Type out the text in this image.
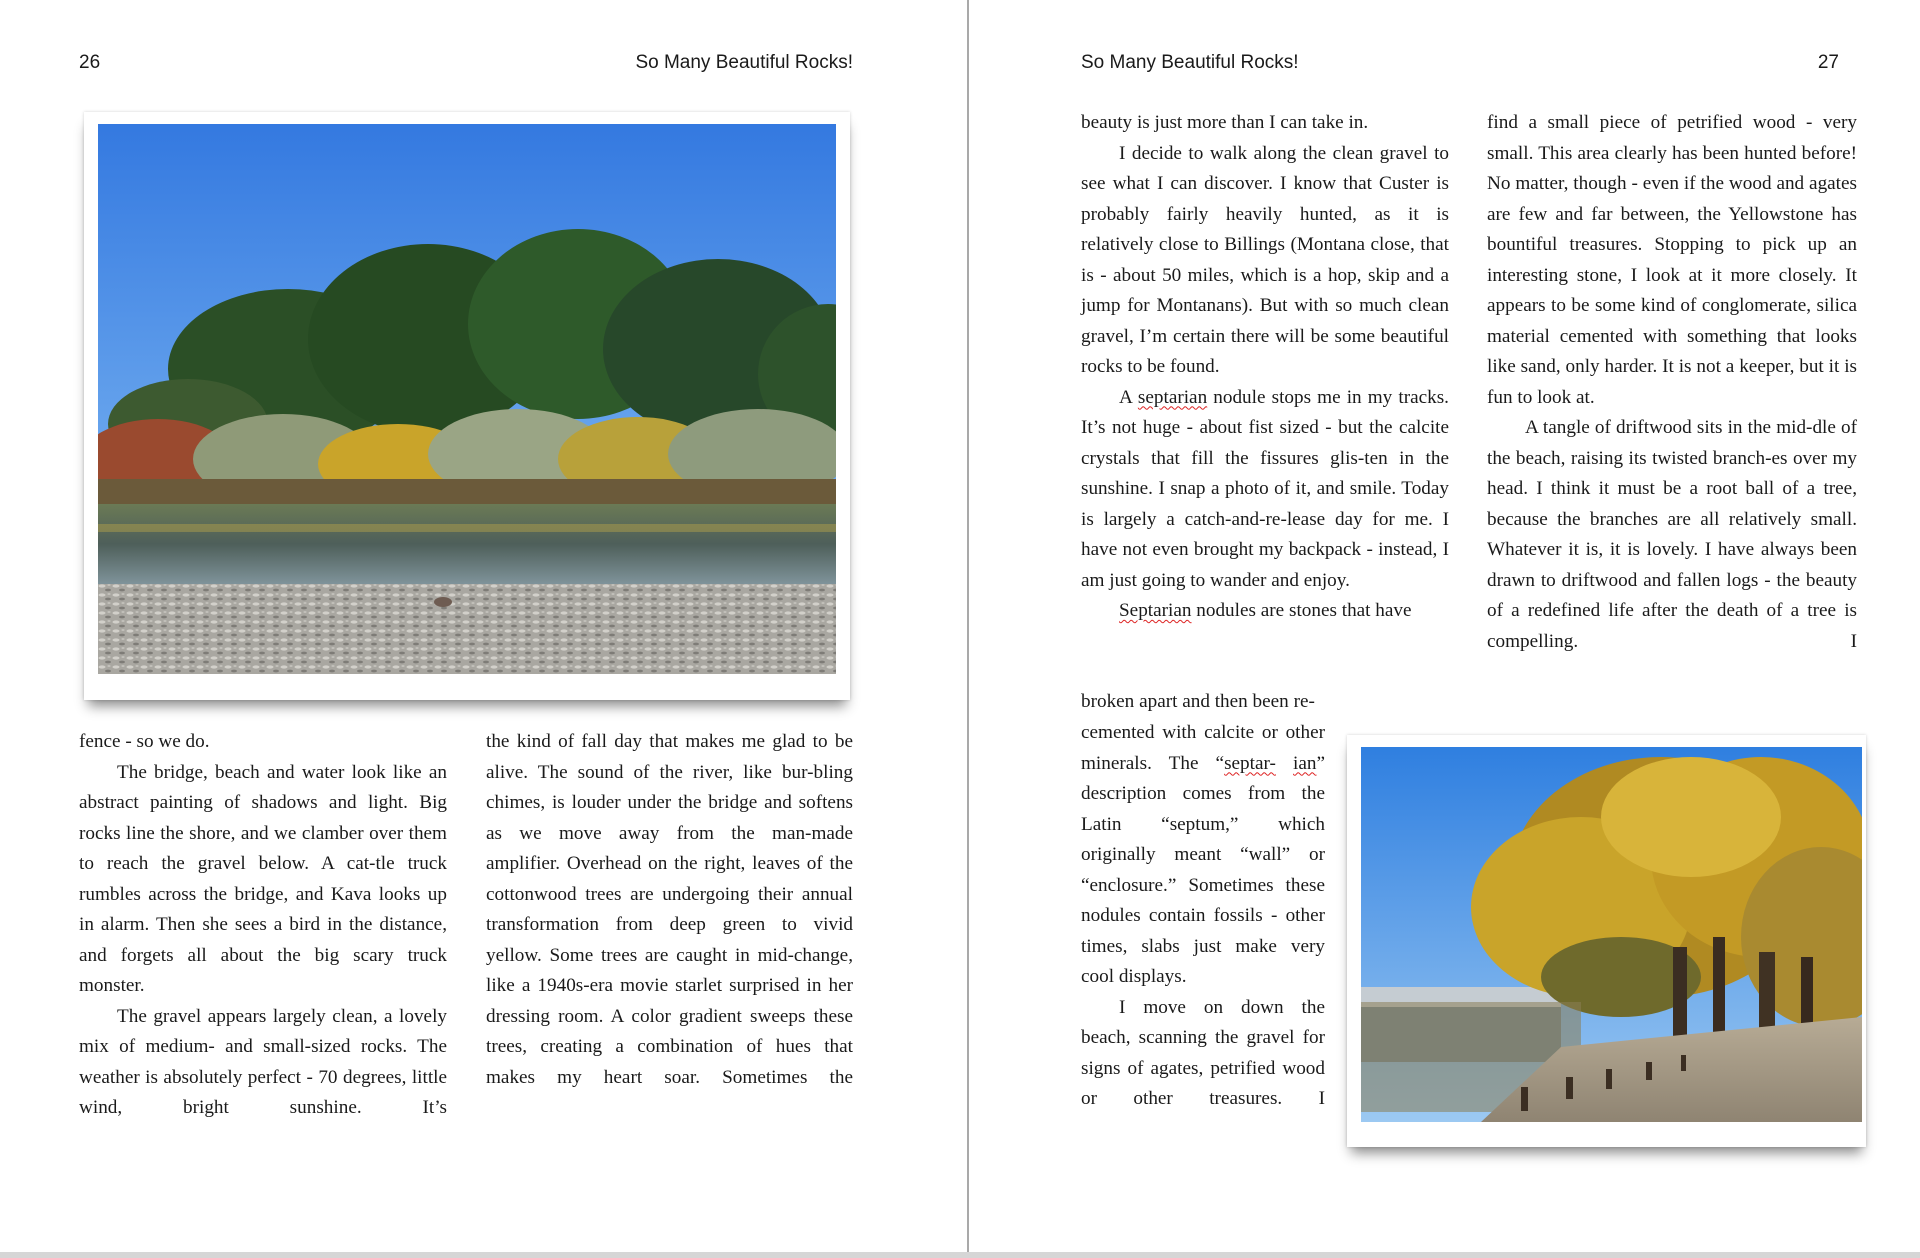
26	So Many Beautiful Rocks!

fence - so we do.

The bridge, beach and water look like an abstract painting of shadows and light. Big rocks line the shore, and we clamber over them to reach the gravel below. A cat-tle truck rumbles across the bridge, and Kava looks up in alarm. Then she sees a bird in the distance, and forgets all about the big scary truck monster.

The gravel appears largely clean, a lovely mix of medium- and small-sized rocks. The weather is absolutely perfect - 70 degrees, little wind, bright sunshine. It’s

the kind of fall day that makes me glad to be alive. The sound of the river, like bur-bling chimes, is louder under the bridge and softens as we move away from the man-made amplifier. Overhead on the right, leaves of the cottonwood trees are undergoing their annual transformation from deep green to vivid yellow. Some trees are caught in mid-change, like a 1940s-era movie starlet surprised in her dressing room. A color gradient sweeps these trees, creating a combination of hues that makes my heart soar. Sometimes the

So Many Beautiful Rocks!	27

beauty is just more than I can take in.

I decide to walk along the clean gravel to see what I can discover. I know that Custer is probably fairly heavily hunted, as it is relatively close to Billings (Montana close, that is - about 50 miles, which is a hop, skip and a jump for Montanans). But with so much clean gravel, I’m certain there will be some beautiful rocks to be found.

A septarian nodule stops me in my tracks. It’s not huge - about fist sized - but the calcite crystals that fill the fissures glis-ten in the sunshine. I snap a photo of it, and smile. Today is largely a catch-and-re-lease day for me. I have not even brought my backpack - instead, I am just going to wander and enjoy.

Septarian nodules are stones that have

broken apart and then been re-

cemented with calcite or other minerals. The “septar- ian” description comes from the Latin “septum,” which originally meant “wall” or “enclosure.” Sometimes these nodules contain fossils - other times, slabs just make very cool displays.

I move on down the beach, scanning the gravel for signs of agates, petrified wood or other treasures. I

find a small piece of petrified wood - very small. This area clearly has been hunted before! No matter, though - even if the wood and agates are few and far between, the Yellowstone has bountiful treasures. Stopping to pick up an interesting stone, I look at it more closely. It appears to be some kind of conglomerate, silica material cemented with something that looks like sand, only harder. It is not a keeper, but it is fun to look at.

A tangle of driftwood sits in the mid-dle of the beach, raising its twisted branch-es over my head. I think it must be a root ball of a tree, because the branches are all relatively small. Whatever it is, it is lovely. I have always been drawn to driftwood and fallen logs - the beauty of a redefined life after the death of a tree is compelling. I
